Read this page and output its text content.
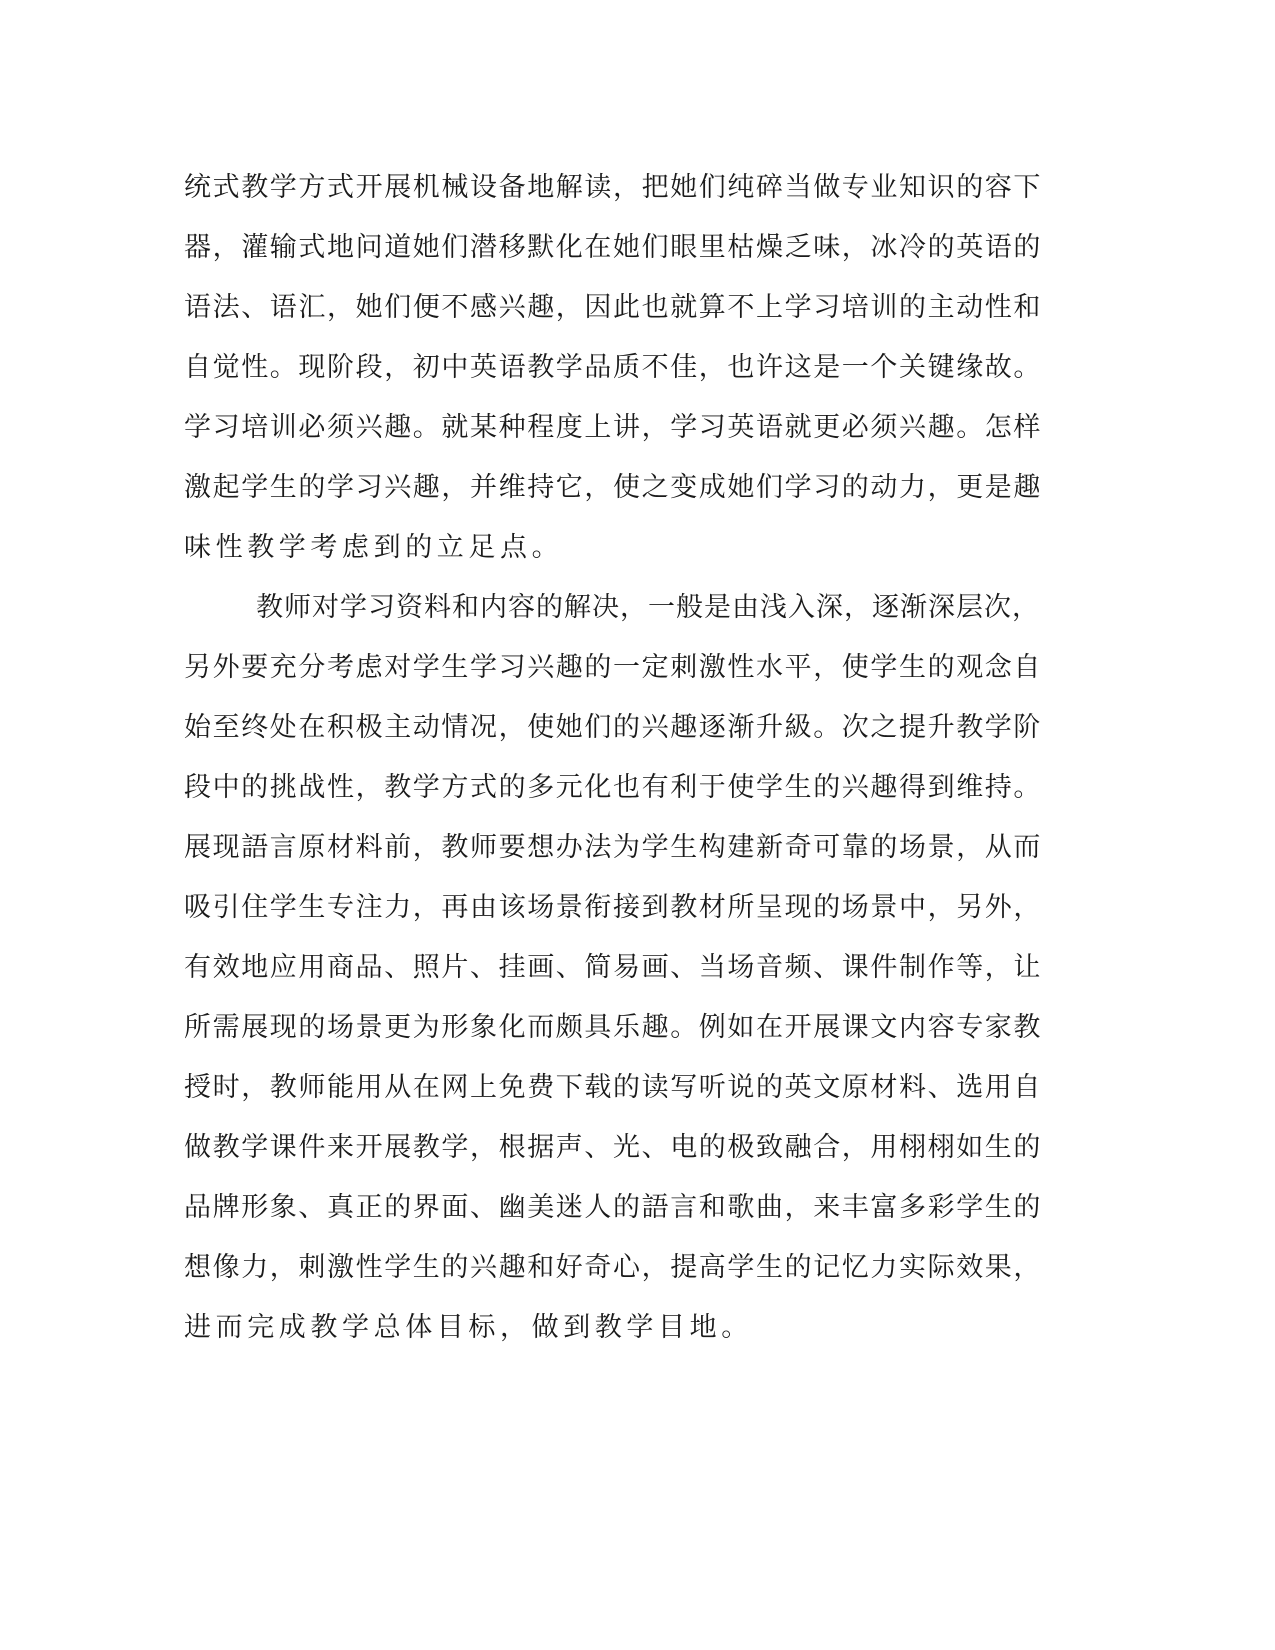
统式教学方式开展机械设备地解读，把她们纯碎当做专业知识的容下
器，灌输式地问道她们潜移默化在她们眼里枯燥乏味，冰冷的英语的
语法、语汇，她们便不感兴趣，因此也就算不上学习培训的主动性和
自觉性。现阶段，初中英语教学品质不佳，也许这是一个关键缘故。
学习培训必须兴趣。就某种程度上讲，学习英语就更必须兴趣。怎样
激起学生的学习兴趣，并维持它，使之变成她们学习的动力，更是趣
味性教学考虑到的立足点。
教师对学习资料和内容的解决，一般是由浅入深，逐渐深层次，
另外要充分考虑对学生学习兴趣的一定刺激性水平，使学生的观念自
始至终处在积极主动情况，使她们的兴趣逐渐升級。次之提升教学阶
段中的挑战性，教学方式的多元化也有利于使学生的兴趣得到维持。
展现語言原材料前，教师要想办法为学生构建新奇可靠的场景，从而
吸引住学生专注力，再由该场景衔接到教材所呈现的场景中，另外，
有效地应用商品、照片、挂画、简易画、当场音频、课件制作等，让
所需展现的场景更为形象化而颇具乐趣。例如在开展课文内容专家教
授时，教师能用从在网上免费下载的读写听说的英文原材料、选用自
做教学课件来开展教学，根据声、光、电的极致融合，用栩栩如生的
品牌形象、真正的界面、幽美迷人的語言和歌曲，来丰富多彩学生的
想像力，刺激性学生的兴趣和好奇心，提高学生的记忆力实际效果，
进而完成教学总体目标，做到教学目地。
